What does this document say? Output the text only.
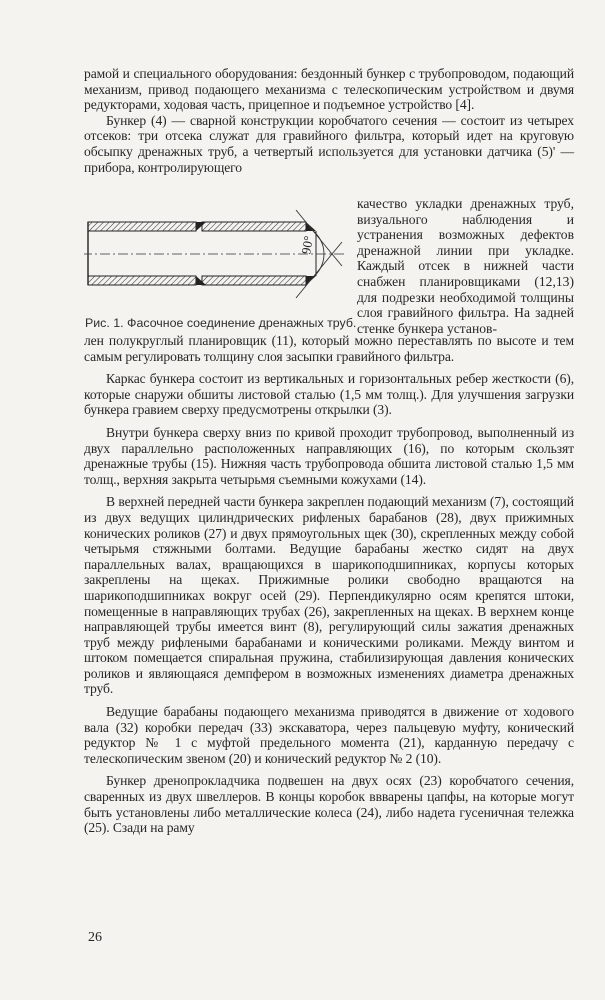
рамой и специального оборудования: бездонный бункер с трубопроводом, подающий механизм, привод подающего механизма с телескопическим устройством и двумя редукторами, ходовая часть, прицепное и подъемное устройство [4].

Бункер (4) — сварной конструкции коробчатого сечения — состоит из четырех отсеков: три отсека служат для гравийного фильтра, который идет на круговую обсыпку дренажных труб, а четвертый используется для установки датчика (5)' — прибора, контролирующего

90°
качество укладки дренажных труб, визуального наблюдения и устранения возможных дефектов дренажной линии при укладке. Каждый отсек в нижней части снабжен планировщиками (12,13) для подрезки необходимой толщины слоя гравийного фильтра. На задней стенке бункера установ-
Рис. 1. Фасочное соединение дренажных труб.

лен полукруглый планировщик (11), который можно переставлять по высоте и тем самым регулировать толщину слоя засыпки гравийного фильтра.

Каркас бункера состоит из вертикальных и горизонтальных ребер жесткости (6), которые снаружи обшиты листовой сталью (1,5 мм толщ.). Для улучшения загрузки бункера гравием сверху предусмотрены открылки (3).

Внутри бункера сверху вниз по кривой проходит трубопровод, выполненный из двух параллельно расположенных направляющих (16), по которым скользят дренажные трубы (15). Нижняя часть трубопровода обшита листовой сталью 1,5 мм толщ., верхняя закрыта четырьмя съемными кожухами (14).

В верхней передней части бункера закреплен подающий механизм (7), состоящий из двух ведущих цилиндрических рифленых барабанов (28), двух прижимных конических роликов (27) и двух прямоугольных щек (30), скрепленных между собой четырьмя стяжными болтами. Ведущие барабаны жестко сидят на двух параллельных валах, вращающихся в шарикоподшипниках, корпусы которых закреплены на щеках. Прижимные ролики свободно вращаются на шарикоподшипниках вокруг осей (29). Перпендикулярно осям крепятся штоки, помещенные в направляющих трубах (26), закрепленных на щеках. В верхнем конце направляющей трубы имеется винт (8), регулирующий силы зажатия дренажных труб между рифлеными барабанами и коническими роликами. Между винтом и штоком помещается спиральная пружина, стабилизирующая давления конических роликов и являющаяся демпфером в возможных изменениях диаметра дренажных труб.

Ведущие барабаны подающего механизма приводятся в движение от ходового вала (32) коробки передач (33) экскаватора, через пальцевую муфту, конический редуктор № 1 с муфтой предельного момента (21), карданную передачу с телескопическим звеном (20) и конический редуктор № 2 (10).

Бункер дренопрокладчика подвешен на двух осях (23) коробчатого сечения, сваренных из двух швеллеров. В концы коробок ввварены цапфы, на которые могут быть установлены либо металлические колеса (24), либо надета гусеничная тележка (25). Сзади на раму

26
